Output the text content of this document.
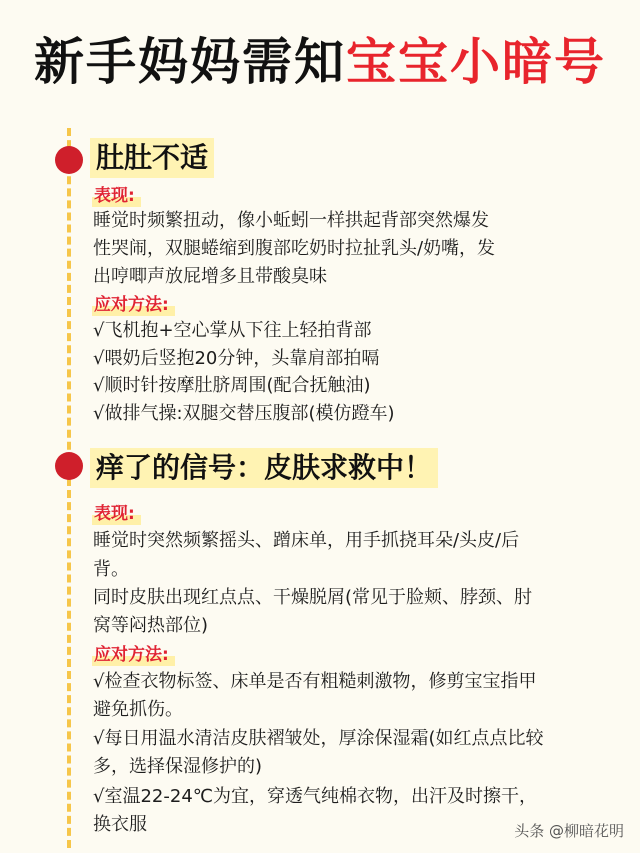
新手妈妈需知宝宝小暗号
肚肚不适
表现:
睡觉时频繁扭动，像小蚯蚓一样拱起背部突然爆发
性哭闹，双腿蜷缩到腹部吃奶时拉扯乳头/奶嘴，发
出哼唧声放屁增多且带酸臭味
应对方法:
√飞机抱+空心掌从下往上轻拍背部
√喂奶后竖抱20分钟，头靠肩部拍嗝
√顺时针按摩肚脐周围(配合抚触油)
√做排气操:双腿交替压腹部(模仿蹬车)
痒了的信号：皮肤求救中！
表现:
睡觉时突然频繁摇头、蹭床单，用手抓挠耳朵/头皮/后
背。
同时皮肤出现红点点、干燥脱屑(常见于脸颊、脖颈、肘
窝等闷热部位)
应对方法:
√检查衣物标签、床单是否有粗糙刺激物，修剪宝宝指甲
避免抓伤。
√每日用温水清洁皮肤褶皱处，厚涂保湿霜(如红点点比较
多，选择保湿修护的)
√室温22-24℃为宜，穿透气纯棉衣物，出汗及时擦干，
换衣服	头条 @柳暗花明
